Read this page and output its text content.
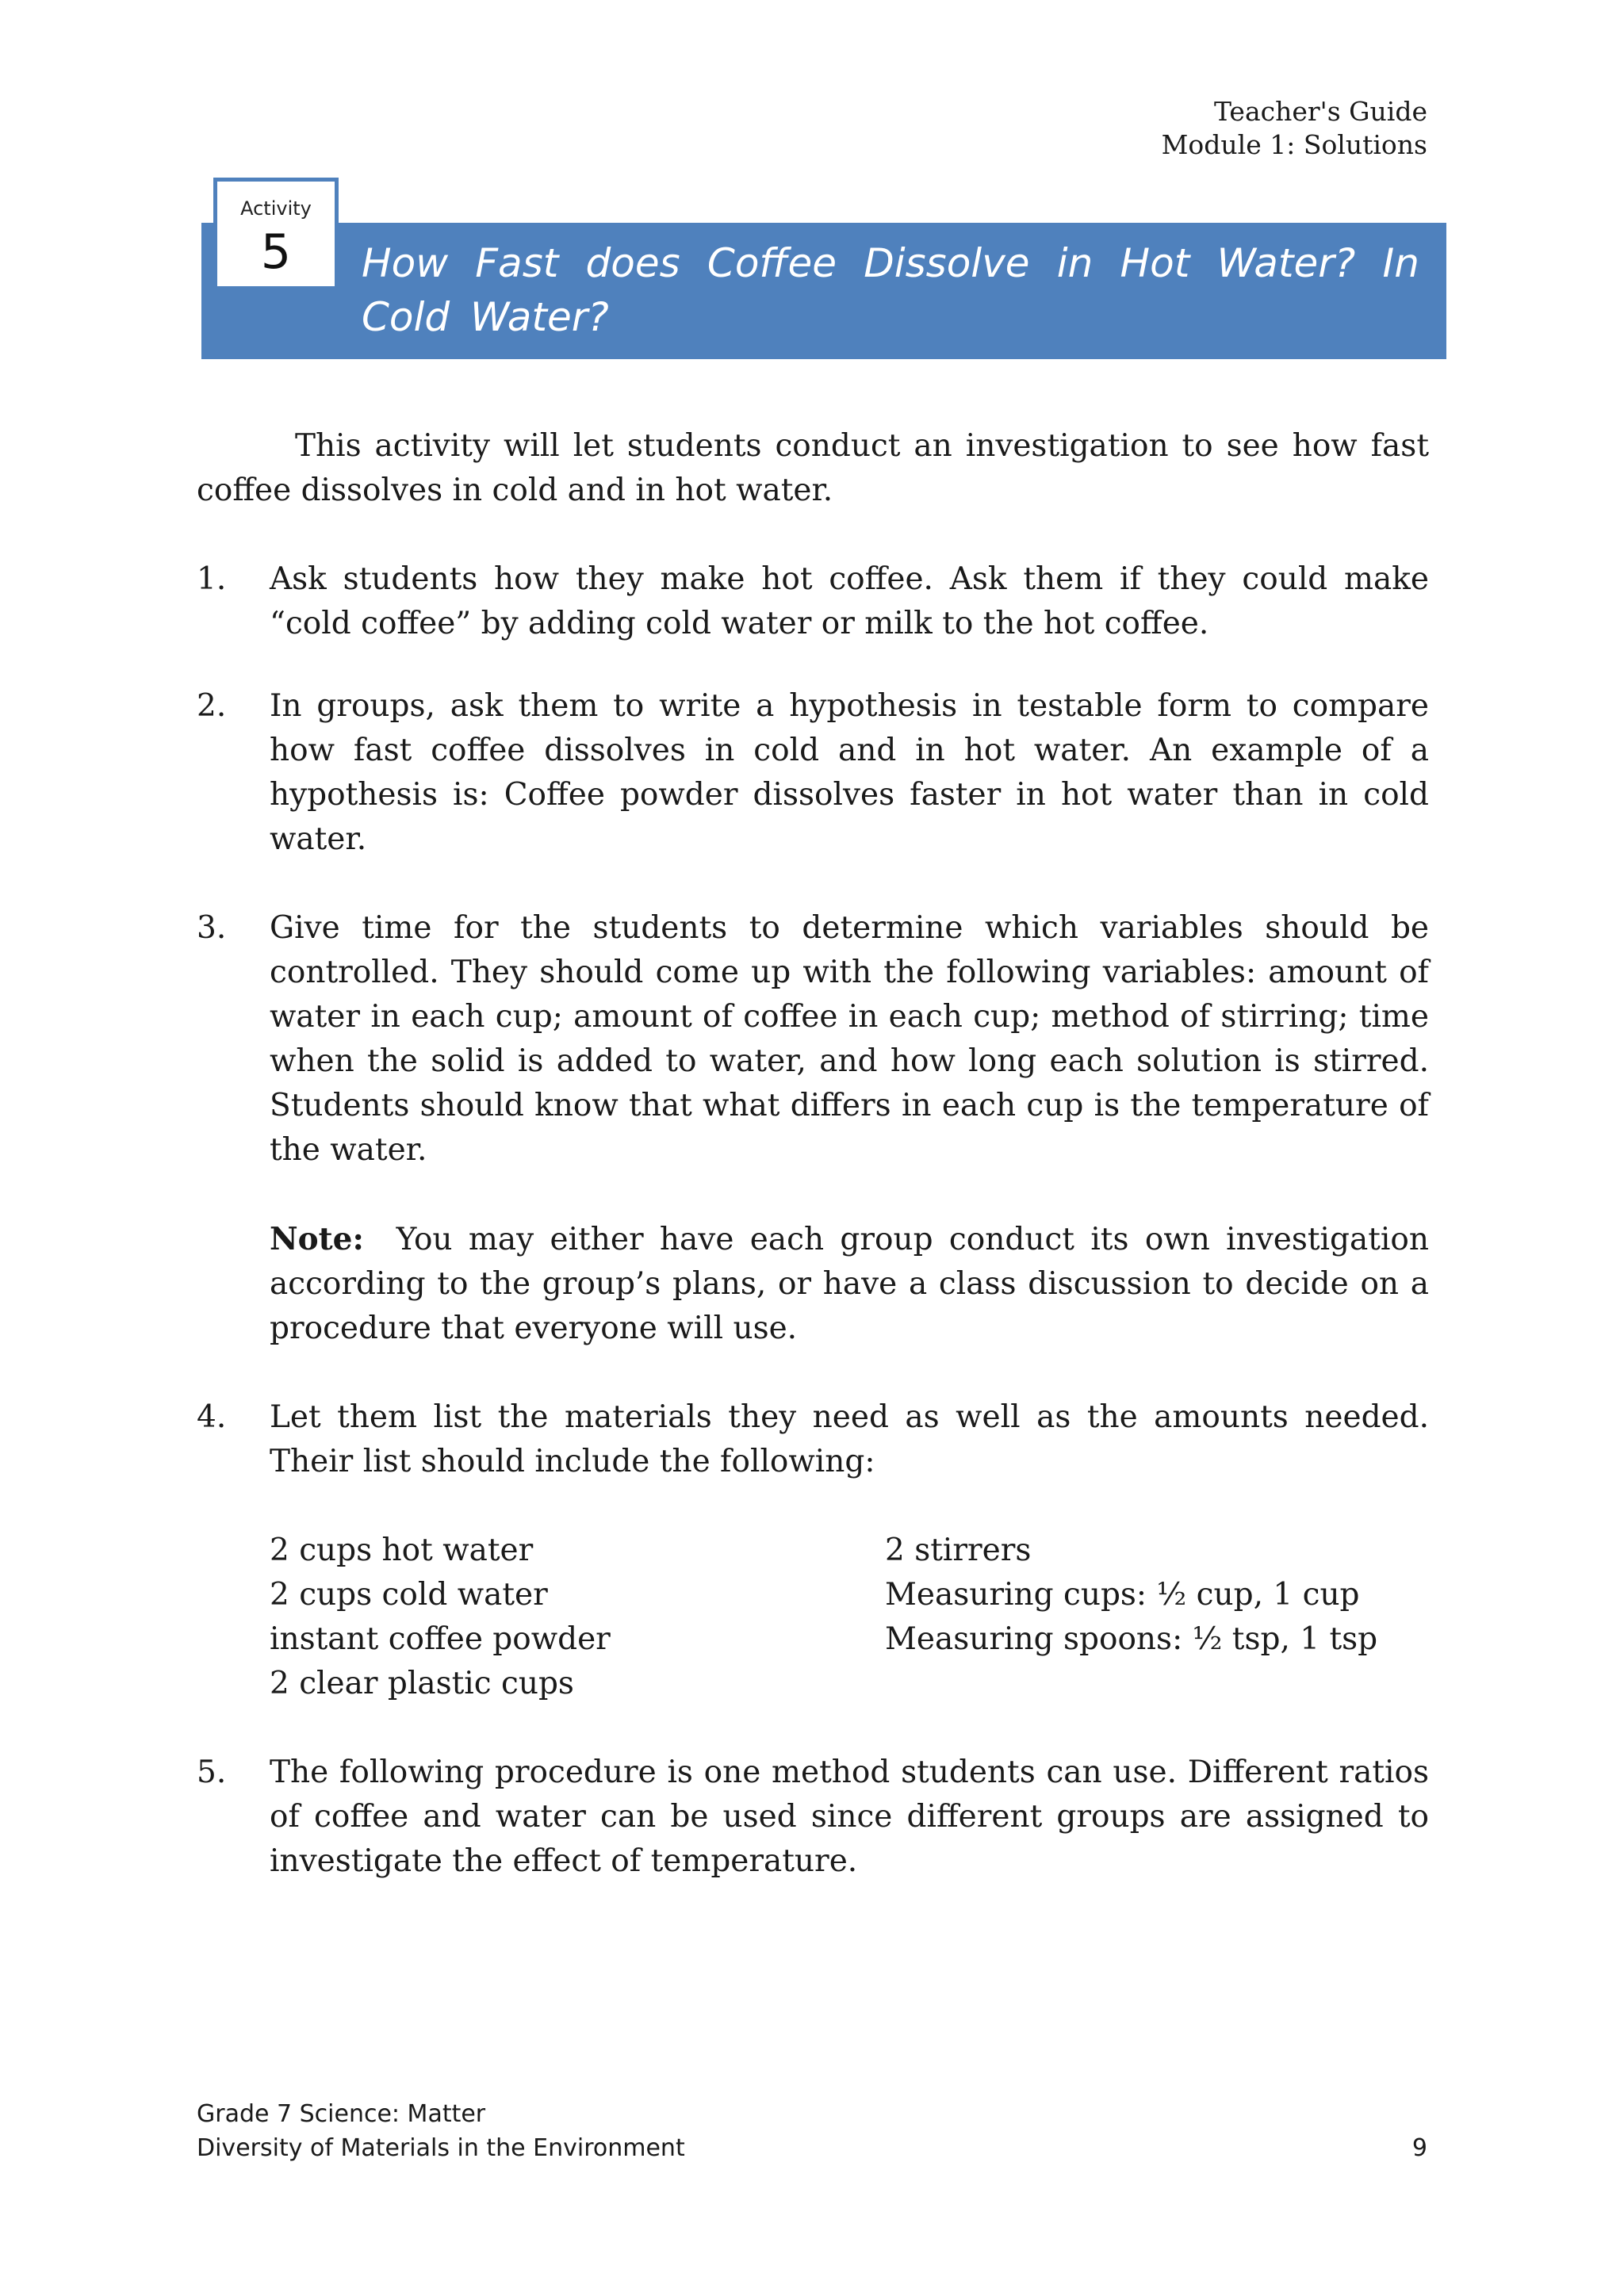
Teacher's Guide
Module 1: Solutions
Activity
5	How Fast does Coffee Dissolve in Hot Water? In Cold Water?

This activity will let students conduct an investigation to see how fast coffee dissolves in cold and in hot water.

1. Ask students how they make hot coffee. Ask them if they could make “cold coffee” by adding cold water or milk to the hot coffee.

2. In groups, ask them to write a hypothesis in testable form to compare how fast coffee dissolves in cold and in hot water. An example of a hypothesis is: Coffee powder dissolves faster in hot water than in cold water.

3. Give time for the students to determine which variables should be controlled. They should come up with the following variables: amount of water in each cup; amount of coffee in each cup; method of stirring; time when the solid is added to water, and how long each solution is stirred. Students should know that what differs in each cup is the temperature of the water.

Note: You may either have each group conduct its own investigation according to the group’s plans, or have a class discussion to decide on a procedure that everyone will use.

4. Let them list the materials they need as well as the amounts needed. Their list should include the following:

2 cups hot water
2 cups cold water
instant coffee powder
2 clear plastic cups
2 stirrers
Measuring cups: ½ cup, 1 cup
Measuring spoons: ½ tsp, 1 tsp
5. The following procedure is one method students can use. Different ratios of coffee and water can be used since different groups are assigned to investigate the effect of temperature.

Grade 7 Science: Matter
Diversity of Materials in the Environment	9
